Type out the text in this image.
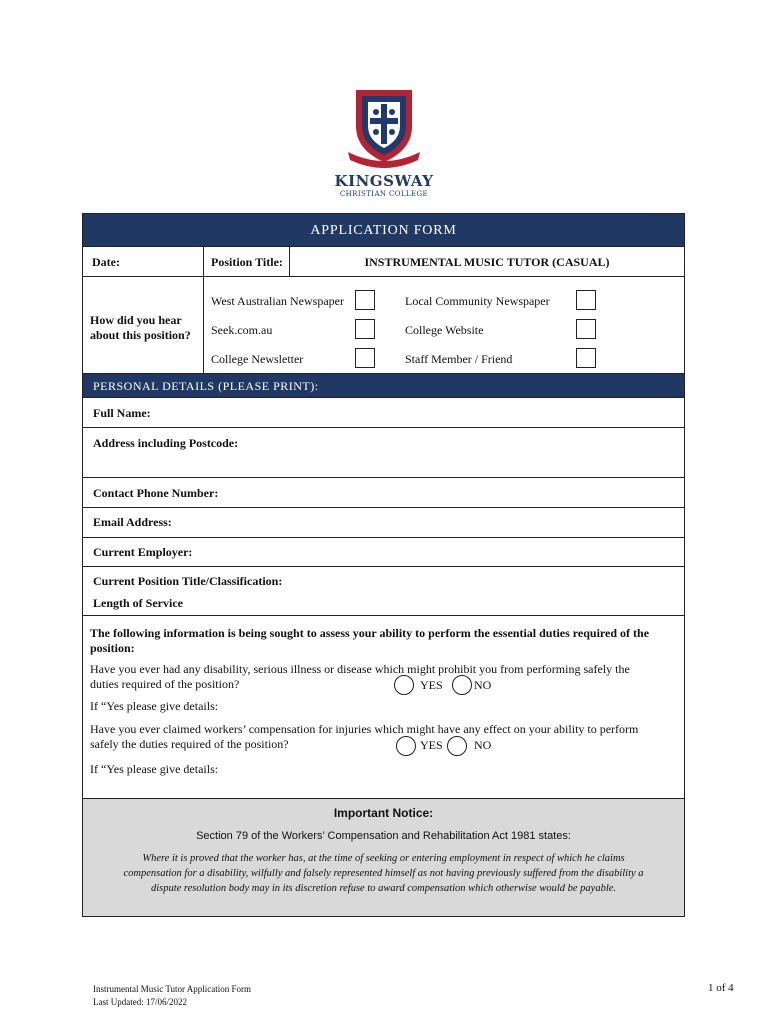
KINGSWAY
CHRISTIAN COLLEGE
APPLICATION FORM
Date:	Position Title:	INSTRUMENTAL MUSIC TUTOR (CASUAL)
How did you hear
about this position?
West Australian Newspaper	Local Community Newspaper
Seek.com.au	College Website
College Newsletter	Staff Member / Friend
PERSONAL DETAILS (PLEASE PRINT):
Full Name:
Address including Postcode:
Contact Phone Number:
Email Address:
Current Employer:
Current Position Title/Classification:
Length of Service
The following information is being sought to assess your ability to perform the essential duties required of the
position:
Have you ever had any disability, serious illness or disease which might prohibit you from performing safely the
duties required of the position?	YES	NO
If “Yes please give details:
Have you ever claimed workers’ compensation for injuries which might have any effect on your ability to perform
safely the duties required of the position?	YES	NO
If “Yes please give details:
Important Notice:
Section 79 of the Workers’ Compensation and Rehabilitation Act 1981 states:
Where it is proved that the worker has, at the time of seeking or entering employment in respect of which he claims
compensation for a disability, wilfully and falsely represented himself as not having previously suffered from the disability a
dispute resolution body may in its discretion refuse to award compensation which otherwise would be payable.
Instrumental Music Tutor Application Form
Last Updated: 17/06/2022
1 of 4
